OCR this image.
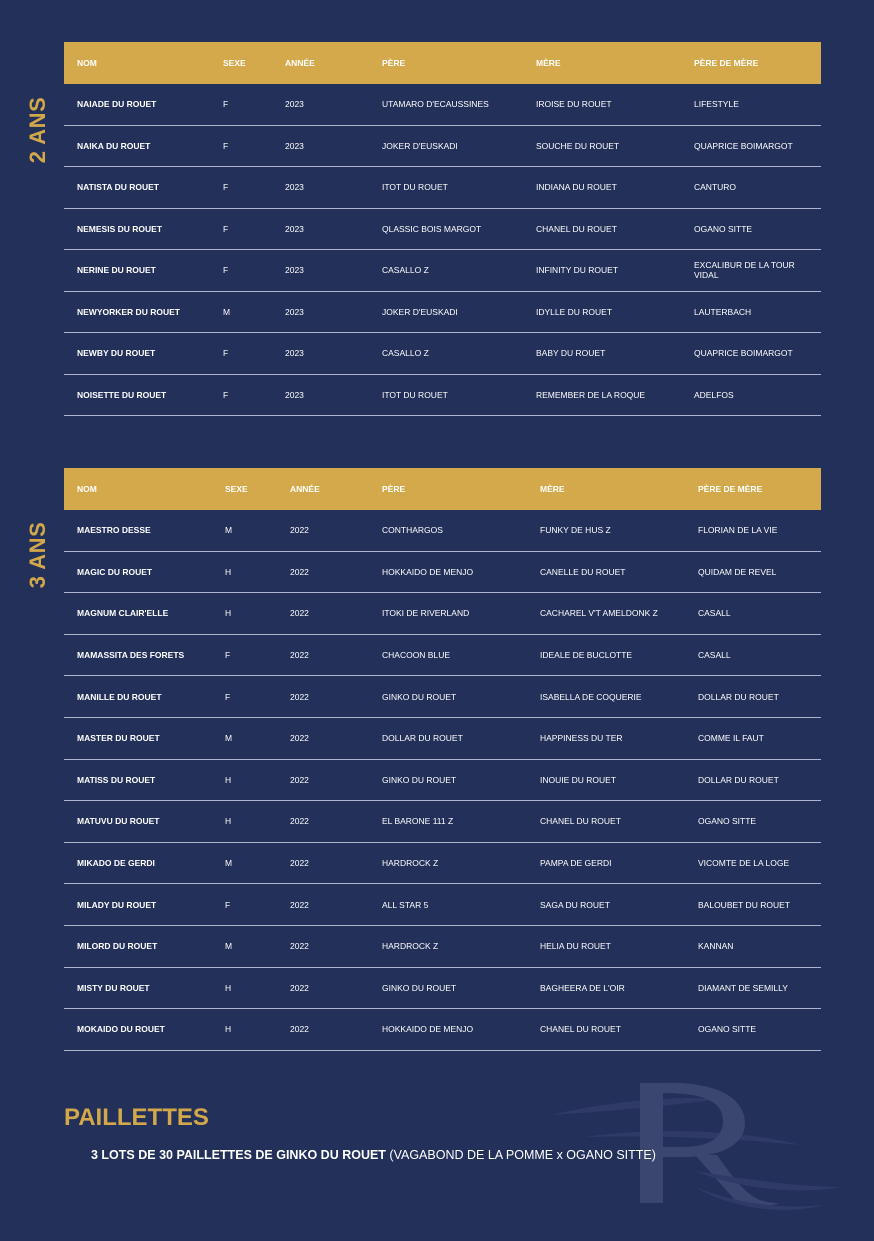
2 ANS
3 ANS
NOM	SEXE	ANNÉE	PÈRE	MÈRE	PÈRE DE MÈRE
NAIADE DU ROUET	F	2023	UTAMARO D'ECAUSSINES	IROISE DU ROUET	LIFESTYLE
NAIKA DU ROUET	F	2023	JOKER D'EUSKADI	SOUCHE DU ROUET	QUAPRICE BOIMARGOT
NATISTA DU ROUET	F	2023	ITOT DU ROUET	INDIANA DU ROUET	CANTURO
NEMESIS DU ROUET	F	2023	QLASSIC BOIS MARGOT	CHANEL DU ROUET	OGANO SITTE
NERINE DU ROUET	F	2023	CASALLO Z	INFINITY DU ROUET	EXCALIBUR DE LA TOUR VIDAL
NEWYORKER DU ROUET	M	2023	JOKER D'EUSKADI	IDYLLE DU ROUET	LAUTERBACH
NEWBY DU ROUET	F	2023	CASALLO Z	BABY DU ROUET	QUAPRICE BOIMARGOT
NOISETTE DU ROUET	F	2023	ITOT DU ROUET	REMEMBER DE LA ROQUE	ADELFOS
NOM	SEXE	ANNÉE	PÈRE	MÈRE	PÈRE DE MÈRE
MAESTRO DESSE	M	2022	CONTHARGOS	FUNKY DE HUS Z	FLORIAN DE LA VIE
MAGIC DU ROUET	H	2022	HOKKAIDO DE MENJO	CANELLE DU ROUET	QUIDAM DE REVEL
MAGNUM CLAIR'ELLE	H	2022	ITOKI DE RIVERLAND	CACHAREL V'T AMELDONK Z	CASALL
MAMASSITA DES FORETS	F	2022	CHACOON BLUE	IDEALE DE BUCLOTTE	CASALL
MANILLE DU ROUET	F	2022	GINKO DU ROUET	ISABELLA DE COQUERIE	DOLLAR DU ROUET
MASTER DU ROUET	M	2022	DOLLAR DU ROUET	HAPPINESS DU TER	COMME IL FAUT
MATISS DU ROUET	H	2022	GINKO DU ROUET	INOUIE DU ROUET	DOLLAR DU ROUET
MATUVU DU ROUET	H	2022	EL BARONE 111 Z	CHANEL DU ROUET	OGANO SITTE
MIKADO DE GERDI	M	2022	HARDROCK Z	PAMPA DE GERDI	VICOMTE DE LA LOGE
MILADY DU ROUET	F	2022	ALL STAR 5	SAGA DU ROUET	BALOUBET DU ROUET
MILORD DU ROUET	M	2022	HARDROCK Z	HELIA DU ROUET	KANNAN
MISTY DU ROUET	H	2022	GINKO DU ROUET	BAGHEERA DE L'OIR	DIAMANT DE SEMILLY
MOKAIDO DU ROUET	H	2022	HOKKAIDO DE MENJO	CHANEL DU ROUET	OGANO SITTE
PAILLETTES
3 LOTS DE 30 PAILLETTES DE GINKO DU ROUET (VAGABOND DE LA POMME x OGANO SITTE)
